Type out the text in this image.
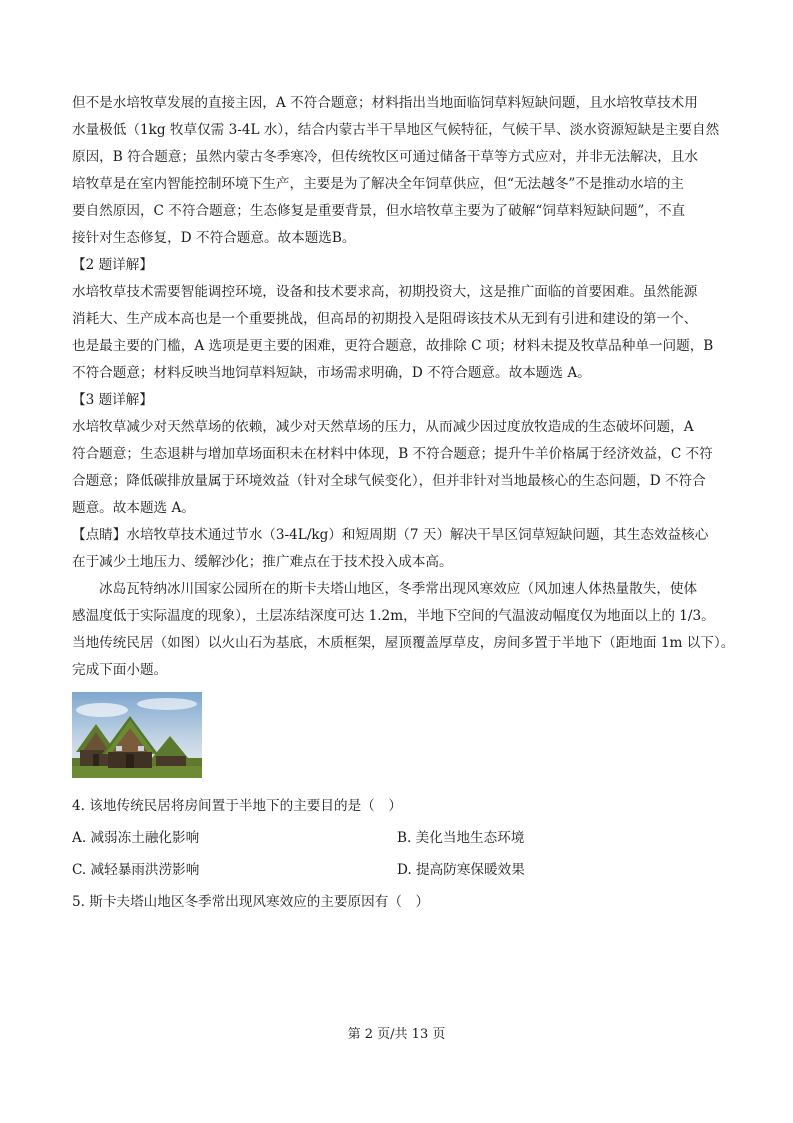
但不是水培牧草发展的直接主因，A 不符合题意；材料指出当地面临饲草料短缺问题，且水培牧草技术用

水量极低（1kg 牧草仅需 3-4L 水），结合内蒙古半干旱地区气候特征，气候干旱、淡水资源短缺是主要自然

原因，B 符合题意；虽然内蒙古冬季寒冷，但传统牧区可通过储备干草等方式应对，并非无法解决，且水

培牧草是在室内智能控制环境下生产，主要是为了解决全年饲草供应，但“无法越冬”不是推动水培的主

要自然原因，C 不符合题意；生态修复是重要背景，但水培牧草主要为了破解“饲草料短缺问题”，不直

接针对生态修复，D 不符合题意。故本题选B。

【2 题详解】

水培牧草技术需要智能调控环境，设备和技术要求高，初期投资大，这是推广面临的首要困难。虽然能源

消耗大、生产成本高也是一个重要挑战，但高昂的初期投入是阻碍该技术从无到有引进和建设的第一个、

也是最主要的门槛，A 选项是更主要的困难，更符合题意，故排除 C 项；材料未提及牧草品种单一问题，B

不符合题意；材料反映当地饲草料短缺，市场需求明确，D 不符合题意。故本题选 A。

【3 题详解】

水培牧草减少对天然草场的依赖，减少对天然草场的压力，从而减少因过度放牧造成的生态破坏问题，A

符合题意；生态退耕与增加草场面积未在材料中体现，B 不符合题意；提升牛羊价格属于经济效益，C 不符

合题意；降低碳排放量属于环境效益（针对全球气候变化），但并非针对当地最核心的生态问题，D 不符合

题意。故本题选 A。

【点睛】水培牧草技术通过节水（3-4L/kg）和短周期（7 天）解决干旱区饲草短缺问题，其生态效益核心

在于减少土地压力、缓解沙化；推广难点在于技术投入成本高。

冰岛瓦特纳冰川国家公园所在的斯卡夫塔山地区，冬季常出现风寒效应（风加速人体热量散失，使体

感温度低于实际温度的现象），土层冻结深度可达 1.2m，半地下空间的气温波动幅度仅为地面以上的 1/3。

当地传统民居（如图）以火山石为基底，木质框架，屋顶覆盖厚草皮，房间多置于半地下（距地面 1m 以下）。

完成下面小题。

4. 该地传统民居将房间置于半地下的主要目的是（　）

A. 减弱冻土融化影响	B. 美化当地生态环境
C. 减轻暴雨洪涝影响	D. 提高防寒保暖效果

5. 斯卡夫塔山地区冬季常出现风寒效应的主要原因有（　）

第 2 页/共 13 页
